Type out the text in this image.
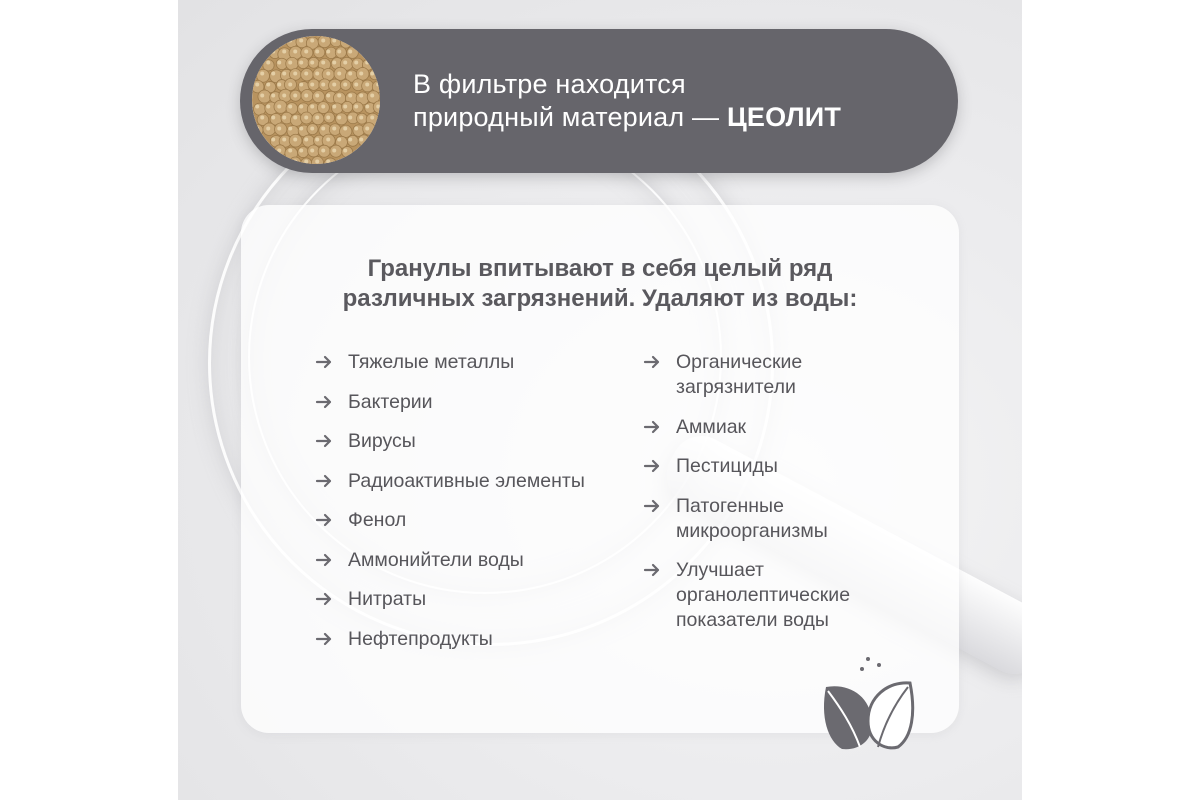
В фильтре находится
природный материал — ЦЕОЛИТ
Гранулы впитывают в себя целый ряд
различных загрязнений. Удаляют из воды:
Тяжелые металлы
Бактерии
Вирусы
Радиоактивные элементы
Фенол
Аммонийтели воды
Нитраты
Нефтепродукты
Органические загрязнители
Аммиак
Пестициды
Патогенные микроорганизмы
Улучшает органолептические показатели воды
